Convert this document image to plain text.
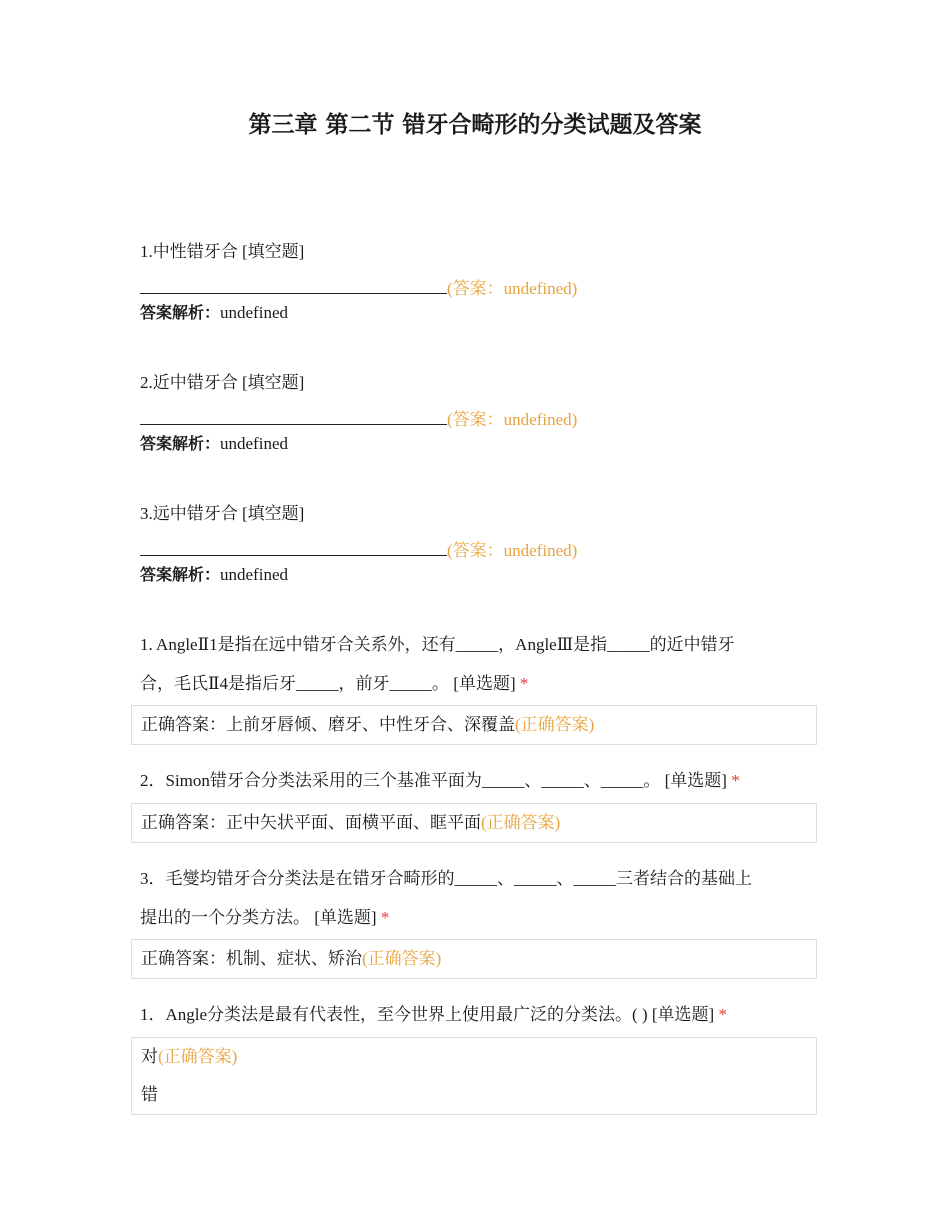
第三章 第二节 错牙合畸形的分类试题及答案
1.中性错牙合 [填空题]
(答案：undefined)
答案解析：undefined
2.近中错牙合 [填空题]
(答案：undefined)
答案解析：undefined
3.远中错牙合 [填空题]
(答案：undefined)
答案解析：undefined
1. AngleⅡ1是指在远中错牙合关系外，还有_____，AngleⅢ是指_____的近中错牙
合，毛氏Ⅱ4是指后牙_____，前牙_____。 [单选题] *
正确答案：上前牙唇倾、磨牙、中性牙合、深覆盖(正确答案)
2．Simon错牙合分类法采用的三个基准平面为_____、_____、_____。 [单选题] *
正确答案：正中矢状平面、面横平面、眶平面(正确答案)
3．毛燮均错牙合分类法是在错牙合畸形的_____、_____、_____三者结合的基础上
提出的一个分类方法。 [单选题] *
正确答案：机制、症状、矫治(正确答案)
1．Angle分类法是最有代表性，至今世界上使用最广泛的分类法。( ) [单选题] *
对(正确答案)
错
